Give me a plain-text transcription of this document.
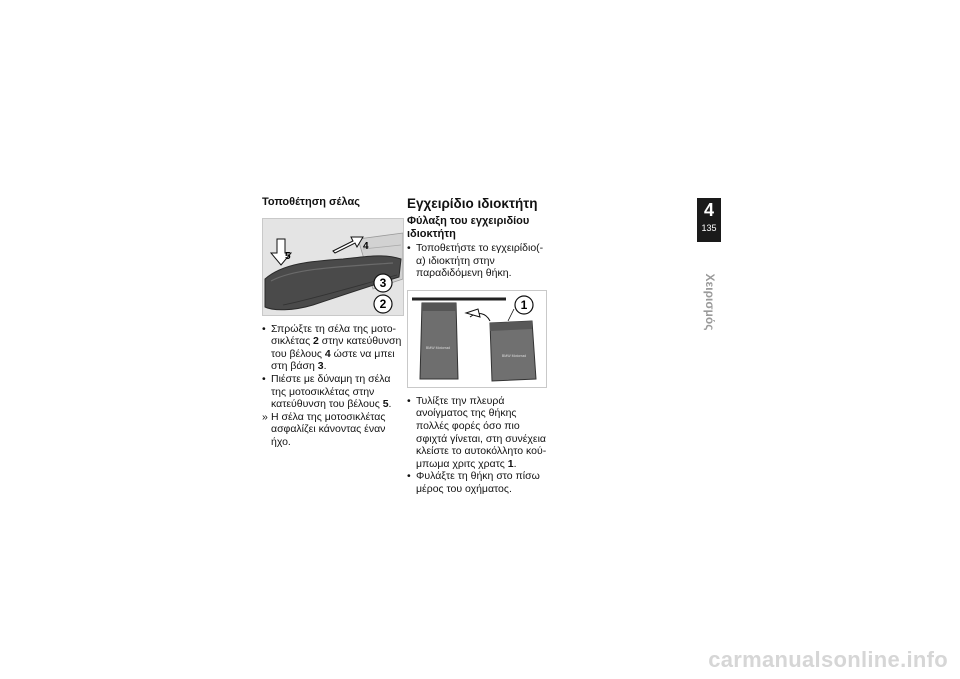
Τοποθέτηση σέλας
4
5
3
2
• Σπρώξτε τη σέλα της μοτο-σικλέτας 2 στην κατεύθυνση του βέλους 4 ώστε να μπει στη βάση 3.
• Πιέστε με δύναμη τη σέλα της μοτοσικλέτας στην κατεύθυνση του βέλους 5.
» Η σέλα της μοτοσικλέτας ασφαλίζει κάνοντας έναν ήχο.
Εγχειρίδιο ιδιοκτήτη
Φύλαξη του εγχειριδίου ιδιοκτήτη
• Τοποθετήστε το εγχειρίδιο(-α) ιδιοκτήτη στην παραδιδόμενη θήκη.
BMW Motorrad
BMW Motorrad
1
• Τυλίξτε την πλευρά ανοίγματος της θήκης πολλές φορές όσο πιο σφιχτά γίνεται, στη συνέχεια κλείστε το αυτοκόλλητο κού-μπωμα χριτς χρατς 1.
• Φυλάξτε τη θήκη στο πίσω μέρος του οχήματος.
4
135
Χειρισμός
carmanualsonline.info
